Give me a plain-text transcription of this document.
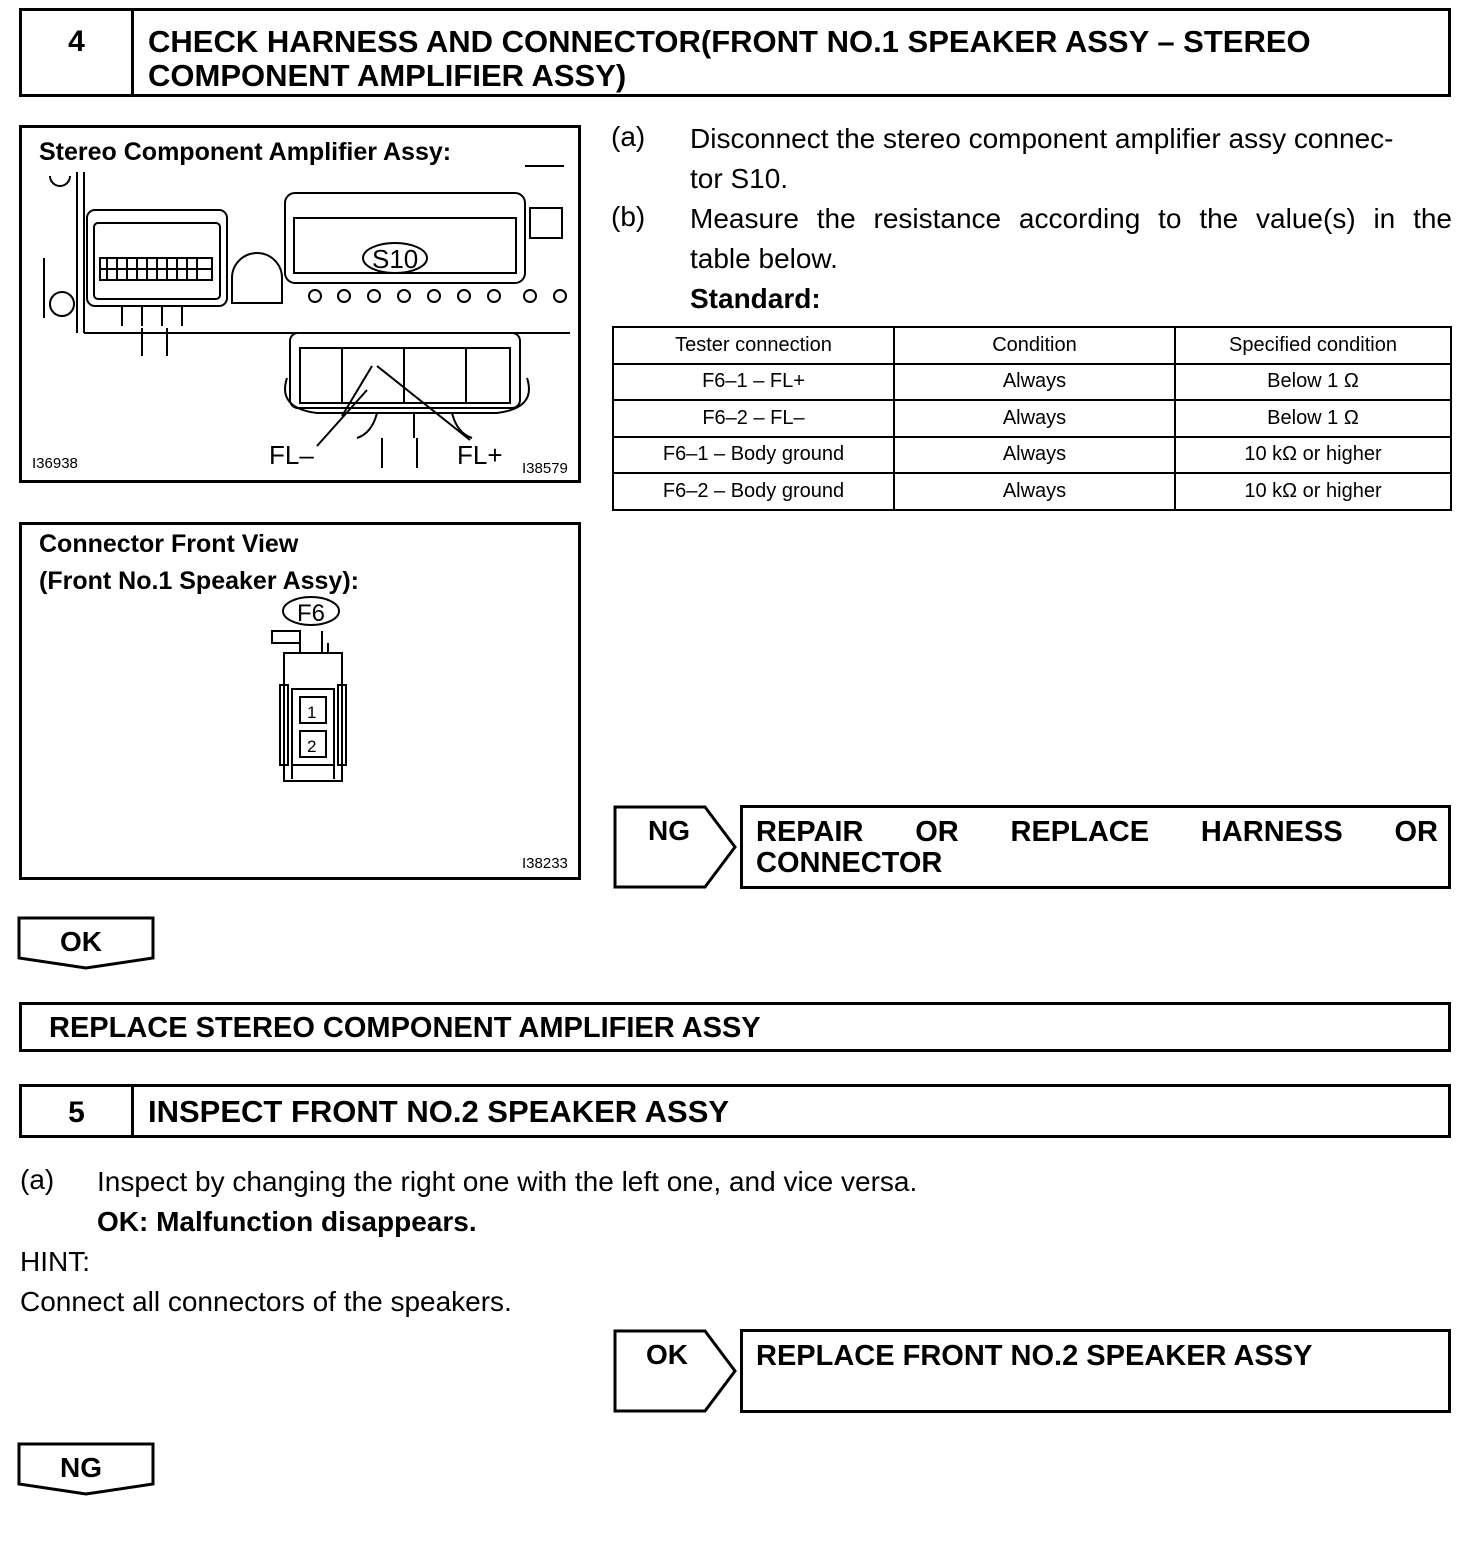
4	CHECK HARNESS AND CONNECTOR(FRONT NO.1 SPEAKER ASSY – STEREO COMPONENT AMPLIFIER ASSY)
Stereo Component Amplifier Assy:
S10
FL–	FL+
I36938	I38579
Connector Front View
(Front No.1 Speaker Assy):
F6
1
2
I38233
(a) Disconnect the stereo component amplifier assy connec-
tor S10.
(b) Measure the resistance according to the value(s) in the
table below.
Standard:
Tester connection	Condition	Specified condition
F6–1 – FL+	Always	Below 1 Ω
F6–2 – FL–	Always	Below 1 Ω
F6–1 – Body ground	Always	10 kΩ or higher
F6–2 – Body ground	Always	10 kΩ or higher
NG REPAIR OR REPLACE HARNESS OR
CONNECTOR
OK
REPLACE STEREO COMPONENT AMPLIFIER ASSY
5	INSPECT FRONT NO.2 SPEAKER ASSY
(a) Inspect by changing the right one with the left one, and vice versa.
OK: Malfunction disappears.
HINT:
Connect all connectors of the speakers.
OK REPLACE FRONT NO.2 SPEAKER ASSY
NG
